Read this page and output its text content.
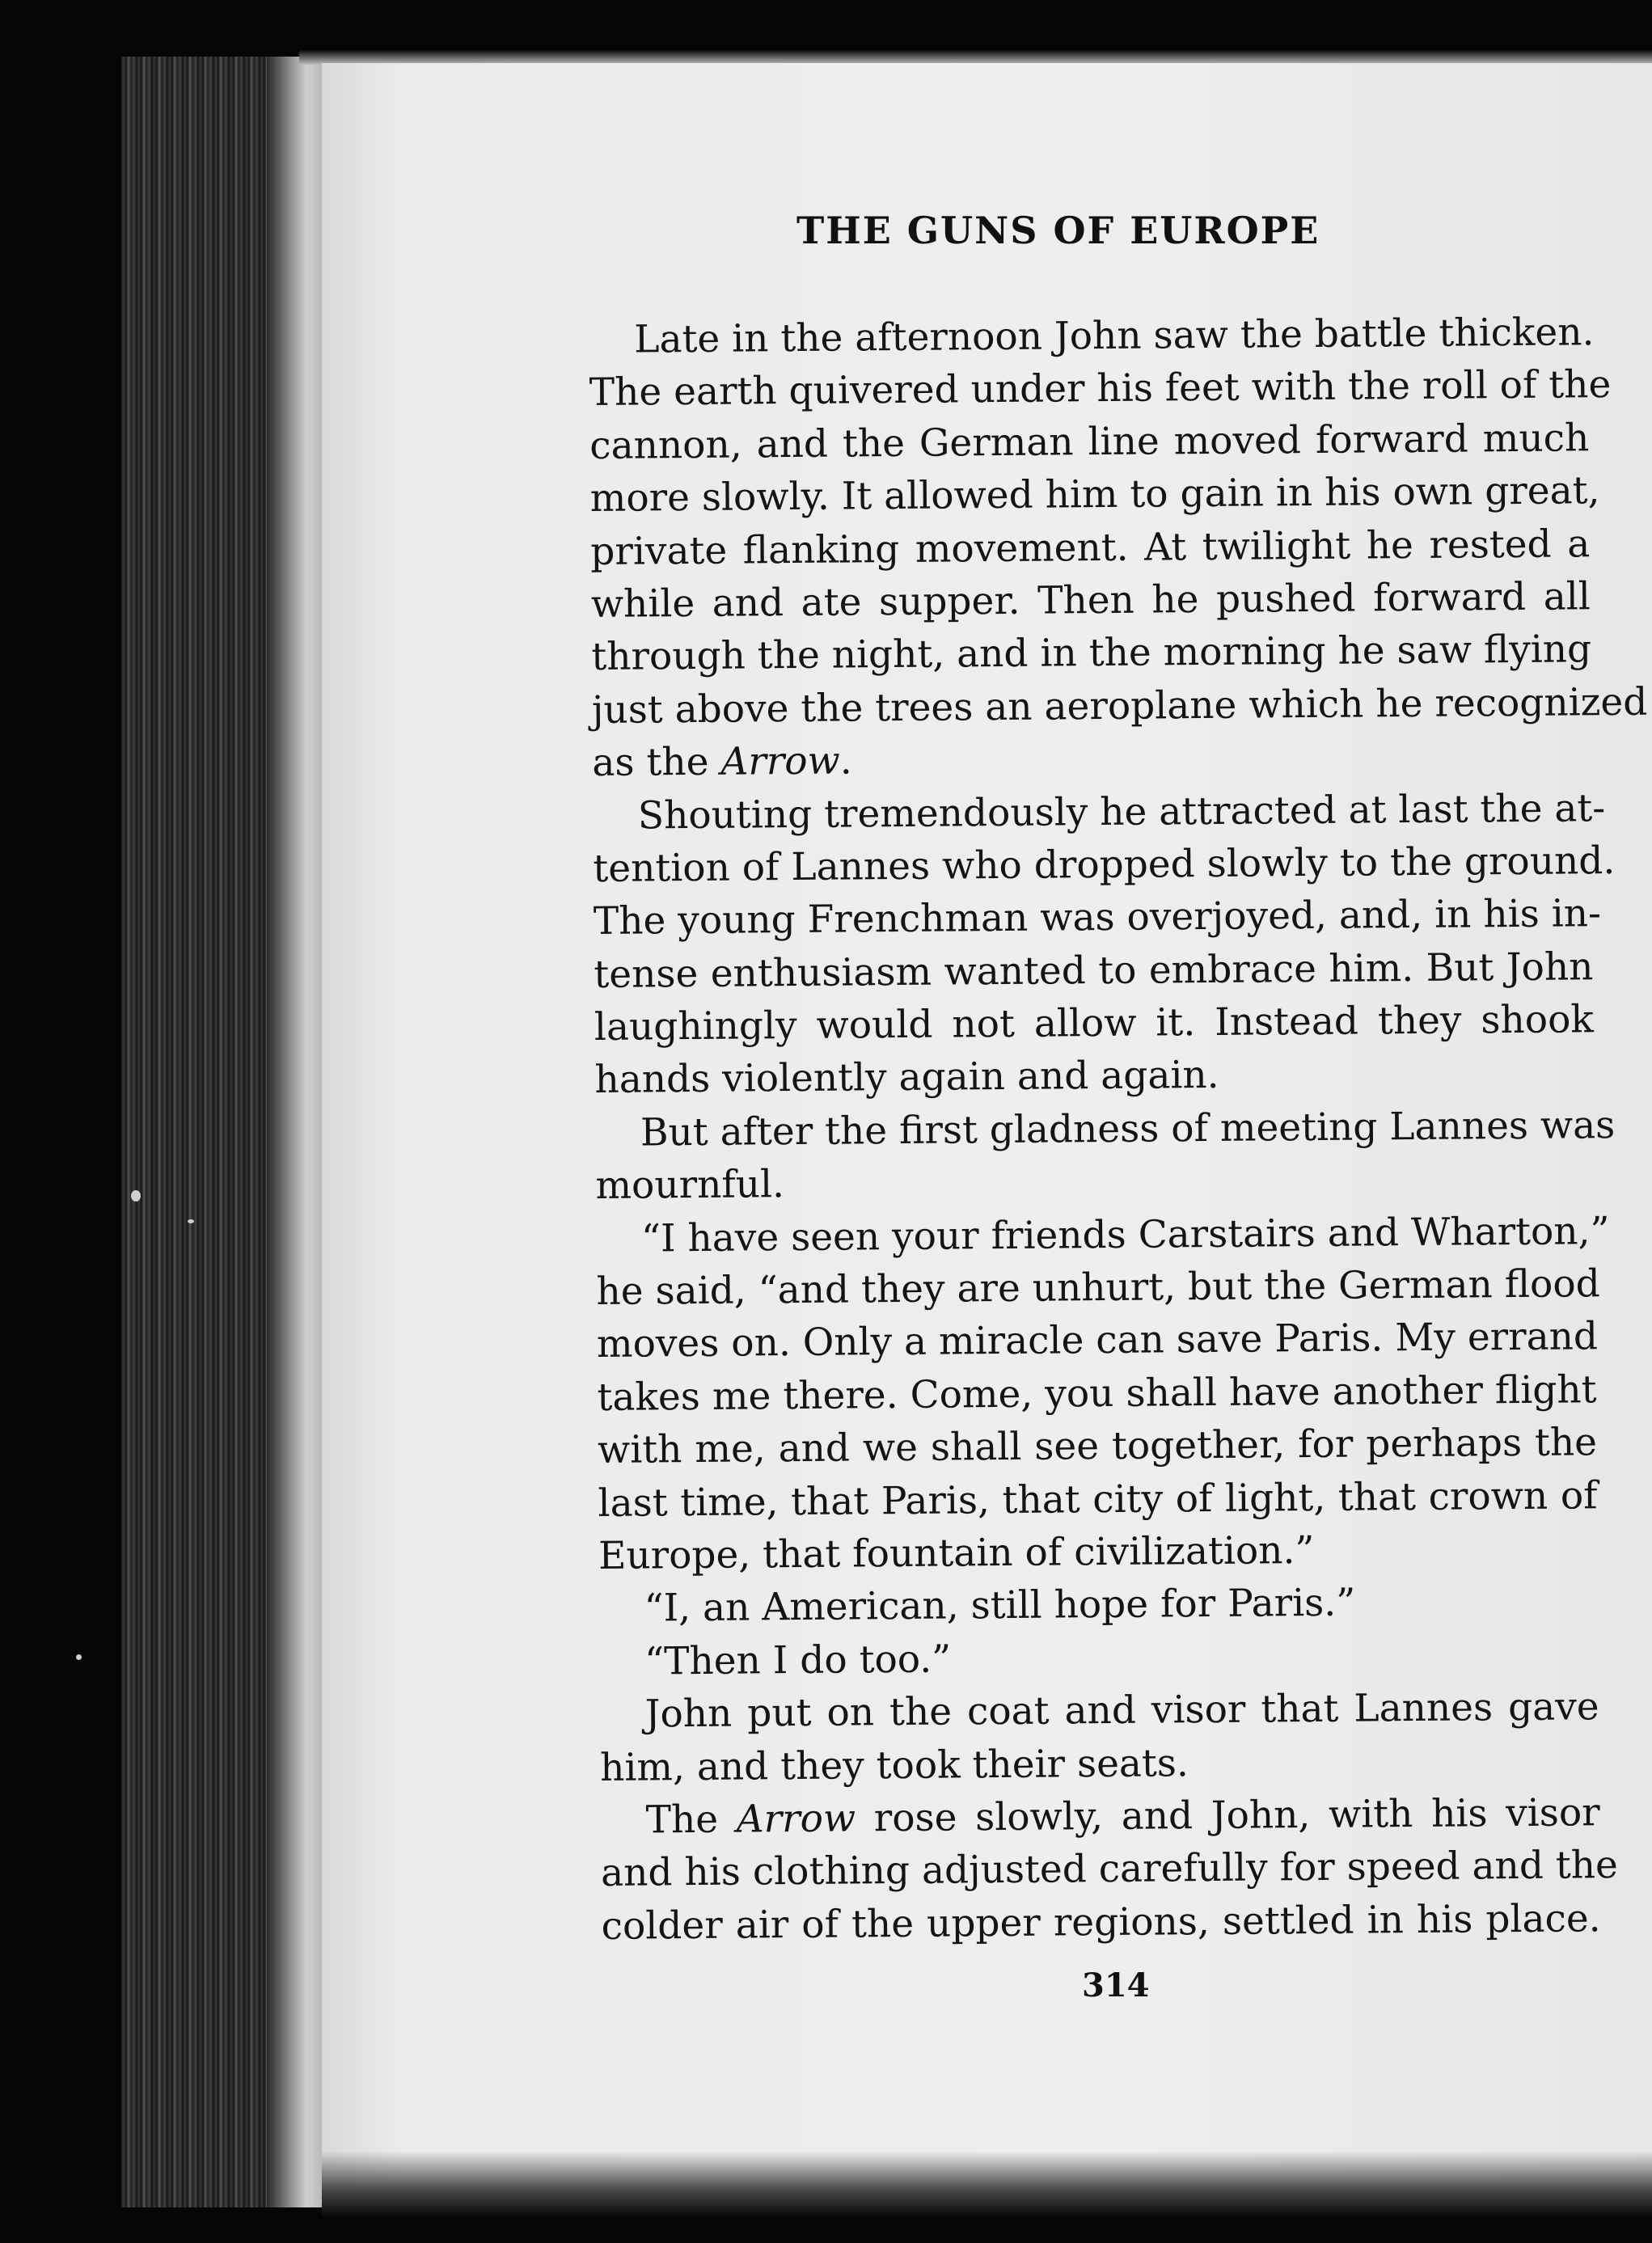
THE GUNS OF EUROPE
Late in the afternoon John saw the battle thicken.
The earth quivered under his feet with the roll of the
cannon, and the German line moved forward much
more slowly. It allowed him to gain in his own great,
private flanking movement. At twilight he rested a
while and ate supper. Then he pushed forward all
through the night, and in the morning he saw flying
just above the trees an aeroplane which he recognized
as the Arrow.
Shouting tremendously he attracted at last the at-
tention of Lannes who dropped slowly to the ground.
The young Frenchman was overjoyed, and, in his in-
tense enthusiasm wanted to embrace him. But John
laughingly would not allow it. Instead they shook
hands violently again and again.
But after the first gladness of meeting Lannes was
mournful.
“I have seen your friends Carstairs and Wharton,”
he said, “and they are unhurt, but the German flood
moves on. Only a miracle can save Paris. My errand
takes me there. Come, you shall have another flight
with me, and we shall see together, for perhaps the
last time, that Paris, that city of light, that crown of
Europe, that fountain of civilization.”
“I, an American, still hope for Paris.”
“Then I do too.”
John put on the coat and visor that Lannes gave
him, and they took their seats.
The Arrow rose slowly, and John, with his visor
and his clothing adjusted carefully for speed and the
colder air of the upper regions, settled in his place.
314
